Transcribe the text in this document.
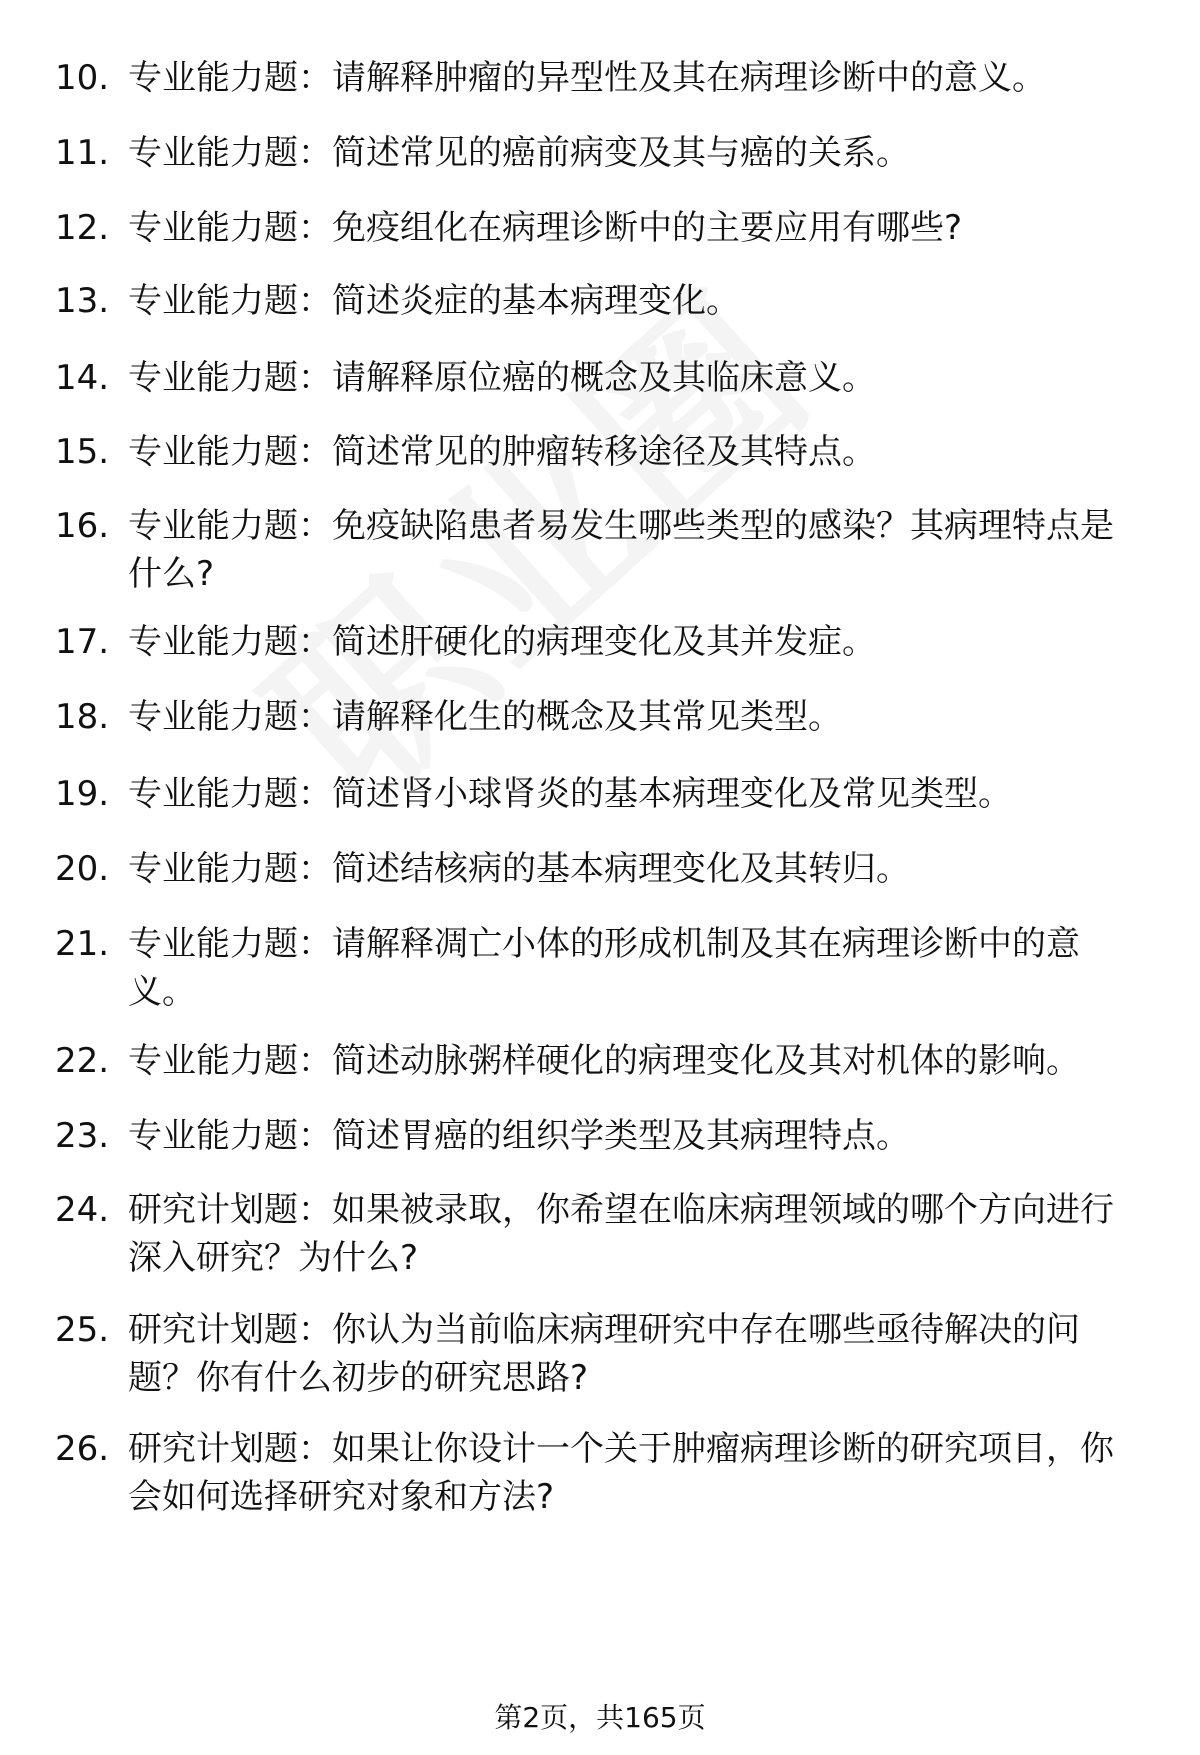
10. 专业能力题：请解释肿瘤的异型性及其在病理诊断中的意义。
11. 专业能力题：简述常见的癌前病变及其与癌的关系。
12. 专业能力题：免疫组化在病理诊断中的主要应用有哪些?
13. 专业能力题：简述炎症的基本病理变化。
14. 专业能力题：请解释原位癌的概念及其临床意义。
15. 专业能力题：简述常见的肿瘤转移途径及其特点。
16. 专业能力题：免疫缺陷患者易发生哪些类型的感染？其病理特点是什么?
17. 专业能力题：简述肝硬化的病理变化及其并发症。
18. 专业能力题：请解释化生的概念及其常见类型。
19. 专业能力题：简述肾小球肾炎的基本病理变化及常见类型。
20. 专业能力题：简述结核病的基本病理变化及其转归。
21. 专业能力题：请解释凋亡小体的形成机制及其在病理诊断中的意义。
22. 专业能力题：简述动脉粥样硬化的病理变化及其对机体的影响。
23. 专业能力题：简述胃癌的组织学类型及其病理特点。
24. 研究计划题：如果被录取，你希望在临床病理领域的哪个方向进行深入研究？为什么?
25. 研究计划题：你认为当前临床病理研究中存在哪些亟待解决的问题？你有什么初步的研究思路?
26. 研究计划题：如果让你设计一个关于肿瘤病理诊断的研究项目，你会如何选择研究对象和方法?
第2页，共165页
